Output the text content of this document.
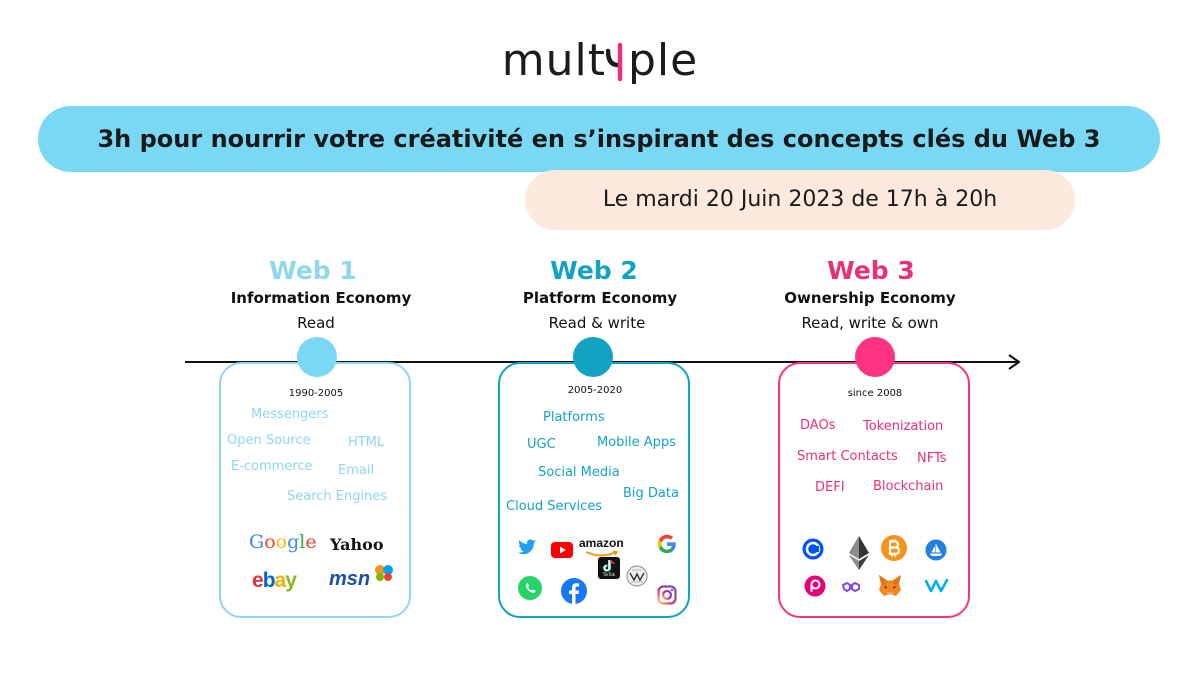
mult ple
3h pour nourrir votre créativité en s’inspirant des concepts clés du Web 3
Le mardi 20 Juin 2023 de 17h à 20h
Web 1
Information Economy
Read
Web 2
Platform Economy
Read & write
Web 3
Ownership Economy
Read, write & own
1990-2005	2005-2020	since 2008
Messengers
Open Source	HTML
E-commerce Email
Search Engines
Google Yahoo
ebay msn
Platforms
UGC	Mobile Apps
Social Media
Big Data
Cloud Services
amazon
TikTok
DAOs Tokenization
Smart Contacts NFTs
DEFI Blockchain
